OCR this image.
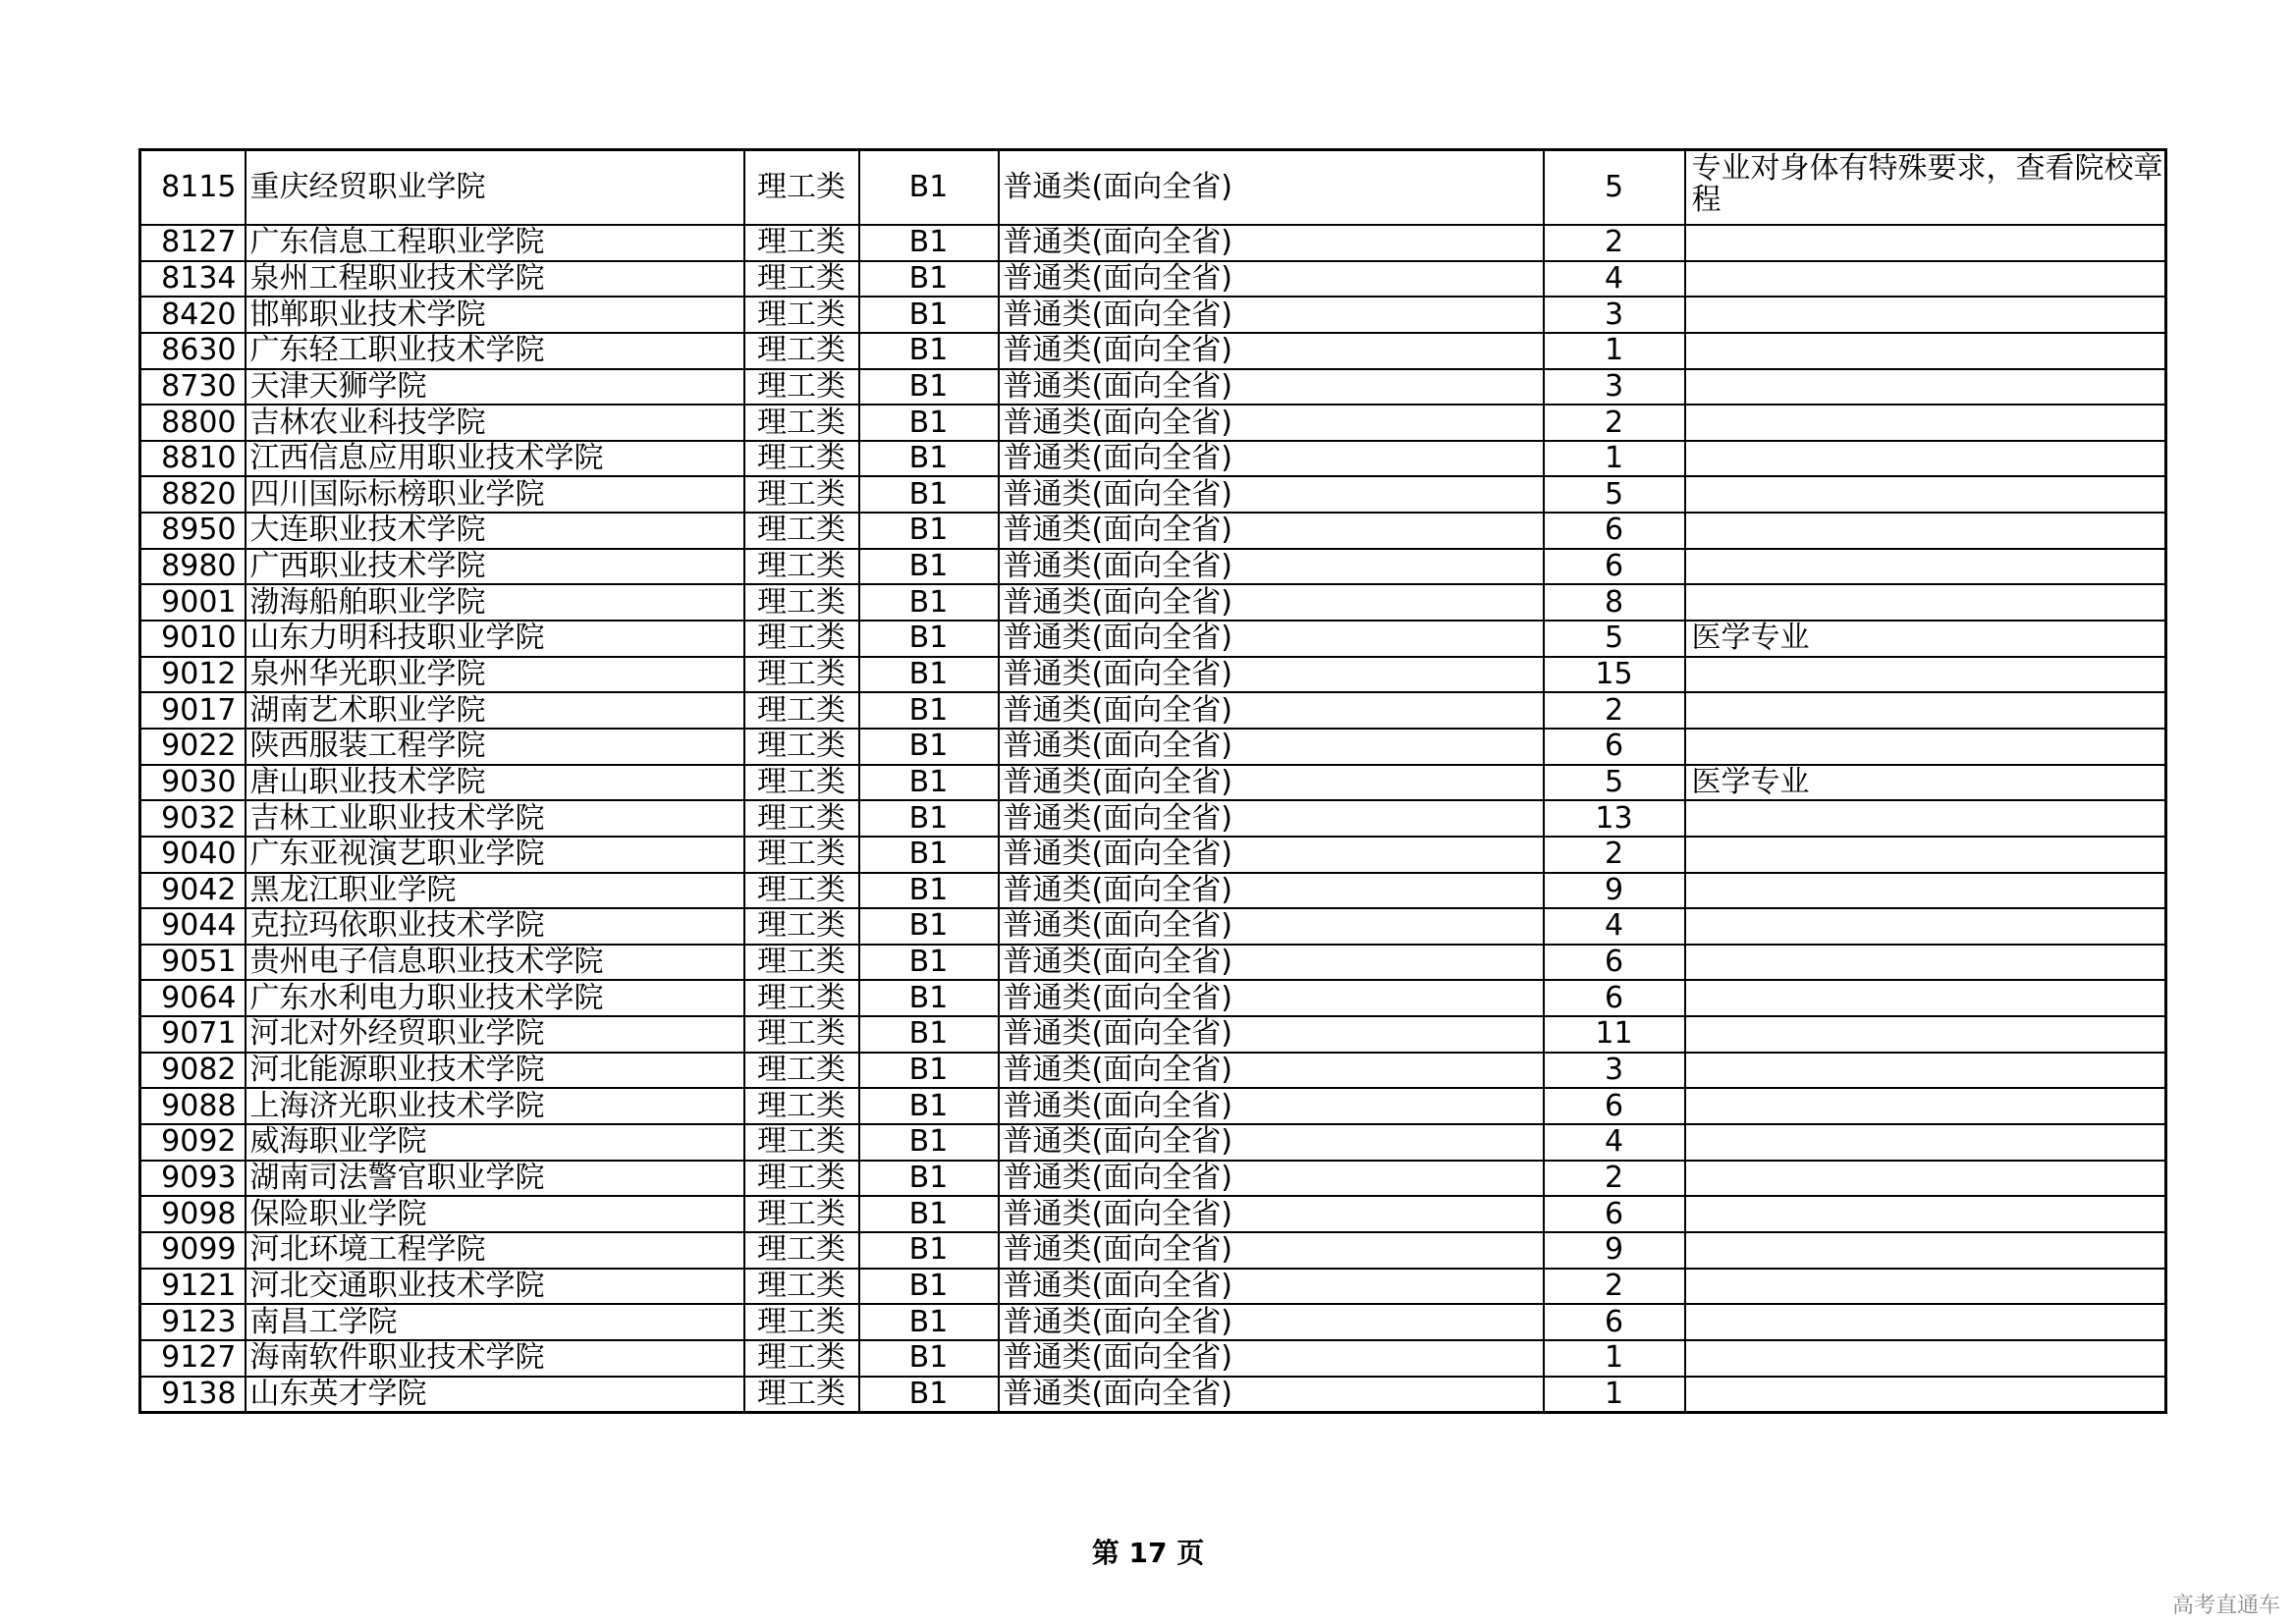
8115	重庆经贸职业学院	理工类	B1	普通类(面向全省)	5	专业对身体有特殊要求，查看院校章程
8127	广东信息工程职业学院	理工类	B1	普通类(面向全省)	2	
8134	泉州工程职业技术学院	理工类	B1	普通类(面向全省)	4	
8420	邯郸职业技术学院	理工类	B1	普通类(面向全省)	3	
8630	广东轻工职业技术学院	理工类	B1	普通类(面向全省)	1	
8730	天津天狮学院	理工类	B1	普通类(面向全省)	3	
8800	吉林农业科技学院	理工类	B1	普通类(面向全省)	2	
8810	江西信息应用职业技术学院	理工类	B1	普通类(面向全省)	1	
8820	四川国际标榜职业学院	理工类	B1	普通类(面向全省)	5	
8950	大连职业技术学院	理工类	B1	普通类(面向全省)	6	
8980	广西职业技术学院	理工类	B1	普通类(面向全省)	6	
9001	渤海船舶职业学院	理工类	B1	普通类(面向全省)	8	
9010	山东力明科技职业学院	理工类	B1	普通类(面向全省)	5	医学专业
9012	泉州华光职业学院	理工类	B1	普通类(面向全省)	15	
9017	湖南艺术职业学院	理工类	B1	普通类(面向全省)	2	
9022	陕西服装工程学院	理工类	B1	普通类(面向全省)	6	
9030	唐山职业技术学院	理工类	B1	普通类(面向全省)	5	医学专业
9032	吉林工业职业技术学院	理工类	B1	普通类(面向全省)	13	
9040	广东亚视演艺职业学院	理工类	B1	普通类(面向全省)	2	
9042	黑龙江职业学院	理工类	B1	普通类(面向全省)	9	
9044	克拉玛依职业技术学院	理工类	B1	普通类(面向全省)	4	
9051	贵州电子信息职业技术学院	理工类	B1	普通类(面向全省)	6	
9064	广东水利电力职业技术学院	理工类	B1	普通类(面向全省)	6	
9071	河北对外经贸职业学院	理工类	B1	普通类(面向全省)	11	
9082	河北能源职业技术学院	理工类	B1	普通类(面向全省)	3	
9088	上海济光职业技术学院	理工类	B1	普通类(面向全省)	6	
9092	威海职业学院	理工类	B1	普通类(面向全省)	4	
9093	湖南司法警官职业学院	理工类	B1	普通类(面向全省)	2	
9098	保险职业学院	理工类	B1	普通类(面向全省)	6	
9099	河北环境工程学院	理工类	B1	普通类(面向全省)	9	
9121	河北交通职业技术学院	理工类	B1	普通类(面向全省)	2	
9123	南昌工学院	理工类	B1	普通类(面向全省)	6	
9127	海南软件职业技术学院	理工类	B1	普通类(面向全省)	1	
9138	山东英才学院	理工类	B1	普通类(面向全省)	1	
第 17 页
高考直通车
